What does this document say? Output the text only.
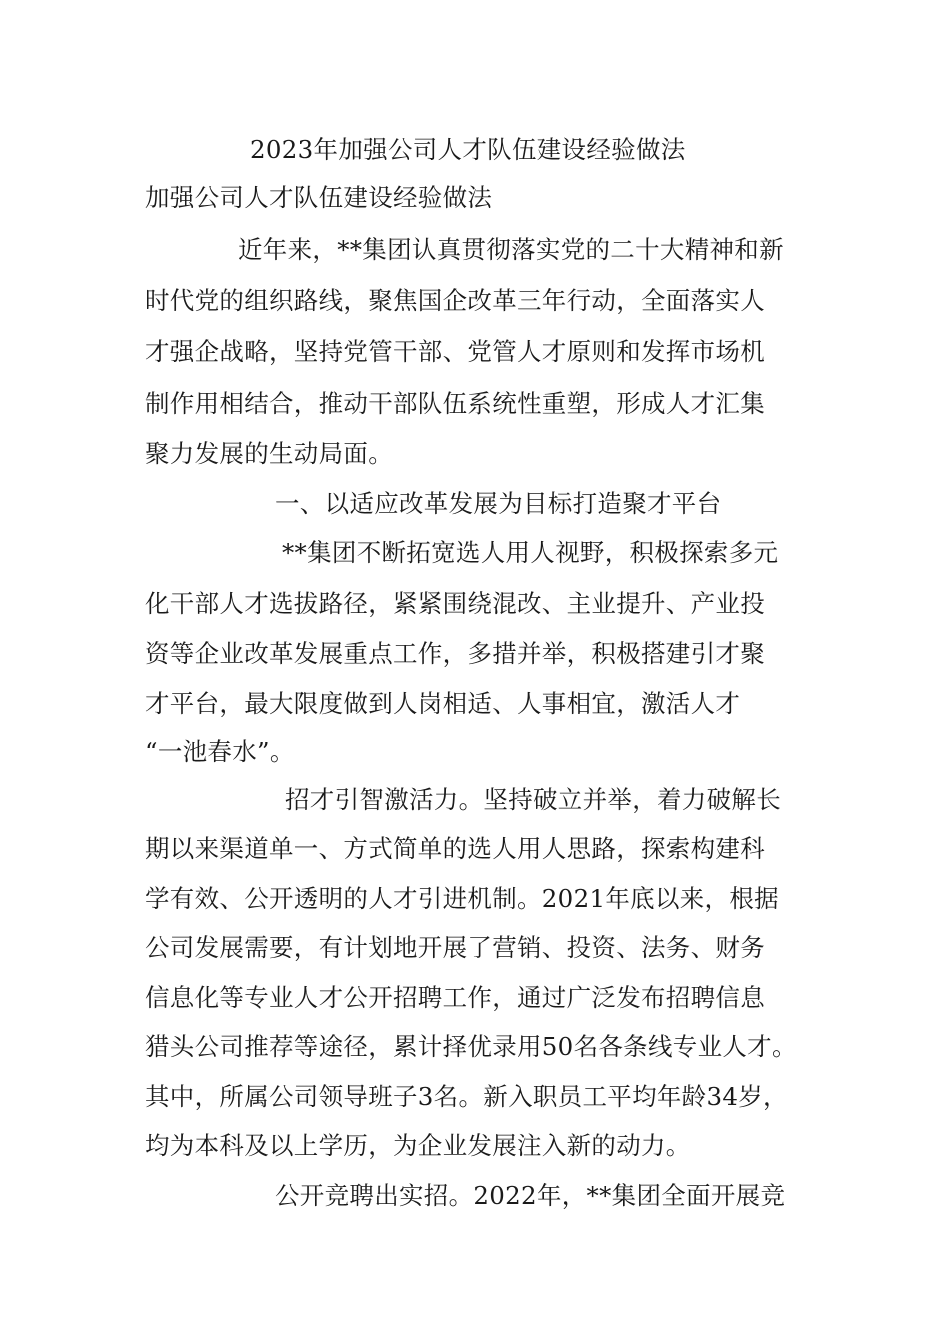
2023年加强公司人才队伍建设经验做法
加强公司人才队伍建设经验做法
近年来，**集团认真贯彻落实党的二十大精神和新
时代党的组织路线，聚焦国企改革三年行动，全面落实人
才强企战略，坚持党管干部、党管人才原则和发挥市场机
制作用相结合，推动干部队伍系统性重塑，形成人才汇集
聚力发展的生动局面。
一、以适应改革发展为目标打造聚才平台
**集团不断拓宽选人用人视野，积极探索多元
化干部人才选拔路径，紧紧围绕混改、主业提升、产业投
资等企业改革发展重点工作，多措并举，积极搭建引才聚
才平台，最大限度做到人岗相适、人事相宜，激活人才
“一池春水”。
招才引智激活力。坚持破立并举，着力破解长
期以来渠道单一、方式简单的选人用人思路，探索构建科
学有效、公开透明的人才引进机制。2021年底以来，根据
公司发展需要，有计划地开展了营销、投资、法务、财务
信息化等专业人才公开招聘工作，通过广泛发布招聘信息
猎头公司推荐等途径，累计择优录用50名各条线专业人才。
其中，所属公司领导班子3名。新入职员工平均年龄34岁，
均为本科及以上学历，为企业发展注入新的动力。
公开竞聘出实招。2022年，**集团全面开展竞
